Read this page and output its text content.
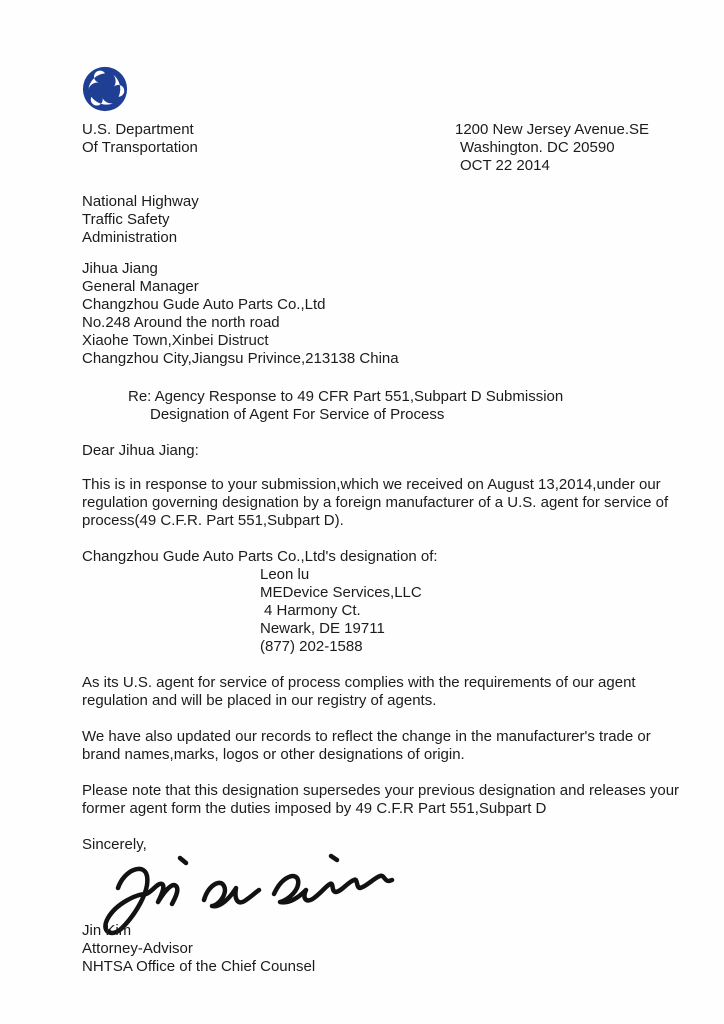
U.S. Department
Of Transportation
1200 New Jersey Avenue.SE
Washington. DC 20590
OCT 22 2014
National Highway
Traffic Safety
Administration
Jihua Jiang
General Manager
Changzhou Gude Auto Parts Co.,Ltd
No.248 Around the north road
Xiaohe Town,Xinbei Distruct
Changzhou City,Jiangsu Privince,213138 China
Re: Agency Response to 49 CFR Part 551,Subpart D Submission
Designation of Agent For Service of Process
Dear Jihua Jiang:
This is in response to your submission,which we received on August 13,2014,under our regulation governing designation by a foreign manufacturer of a U.S. agent for service of process(49 C.F.R. Part 551,Subpart D).
Changzhou Gude Auto Parts Co.,Ltd's designation of:
Leon lu
MEDevice Services,LLC
4 Harmony Ct.
Newark, DE 19711
(877) 202-1588
As its U.S. agent for service of process complies with the requirements of our agent regulation and will be placed in our registry of agents.
We have also updated our records to reflect the change in the manufacturer's trade or brand names,marks, logos or other designations of origin.
Please note that this designation supersedes your previous designation and releases your former agent form the duties imposed by 49 C.F.R Part 551,Subpart D
Sincerely,
Jin Kim
Attorney-Advisor
NHTSA Office of the Chief Counsel
